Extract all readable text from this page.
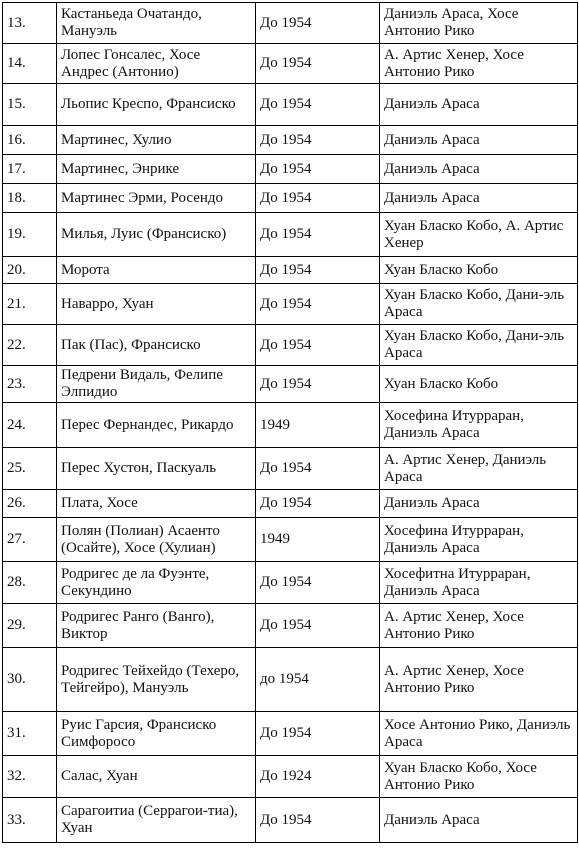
13.	Кастаньеда Очатандо, Мануэль	До 1954	Даниэль Араса, Хосе Антонио Рико
14.	Лопес Гонсалес, Хосе Андрес (Антонио)	До 1954	А. Артис Хенер, Хосе Антонио Рико
15.	Льопис Креспо, Франсиско	До 1954	Даниэль Араса
16.	Мартинес, Хулио	До 1954	Даниэль Араса
17.	Мартинес, Энрике	До 1954	Даниэль Араса
18.	Мартинес Эрми, Росендо	До 1954	Даниэль Араса
19.	Милья, Луис (Франсиско)	До 1954	Хуан Бласко Кобо, А. Артис Хенер
20.	Морота	До 1954	Хуан Бласко Кобо
21.	Наварро, Хуан	До 1954	Хуан Бласко Кобо, Дани-эль Араса
22.	Пак (Пас), Франсиско	До 1954	Хуан Бласко Кобо, Дани-эль Араса
23.	Педрени Видаль, Фелипе Элпидио	До 1954	Хуан Бласко Кобо
24.	Перес Фернандес, Рикардо	1949	Хосефина Итурраран, Даниэль Араса
25.	Перес Хустон, Паскуаль	До 1954	А. Артис Хенер, Даниэль Араса
26.	Плата, Хосе	До 1954	Даниэль Араса
27.	Полян (Полиан) Асаенто (Осайте), Хосе (Хулиан)	1949	Хосефина Итурраран, Даниэль Араса
28.	Родригес де ла Фуэнте, Секундино	До 1954	Хосефитна Итурраран, Даниэль Араса
29.	Родригес Ранго (Ванго), Виктор	До 1954	А. Артис Хенер, Хосе Антонио Рико
30.	Родригес Тейхейдо (Техеро, Тейгейро), Мануэль	до 1954	А. Артис Хенер, Хосе Антонио Рико
31.	Руис Гарсия, Франсиско Симфоросо	До 1954	Хосе Антонио Рико, Даниэль Араса
32.	Салас, Хуан	До 1924	Хуан Бласко Кобо, Хосе Антонио Рико
33.	Сарагоитиа (Серрагои-тиа), Хуан	До 1954	Даниэль Араса
